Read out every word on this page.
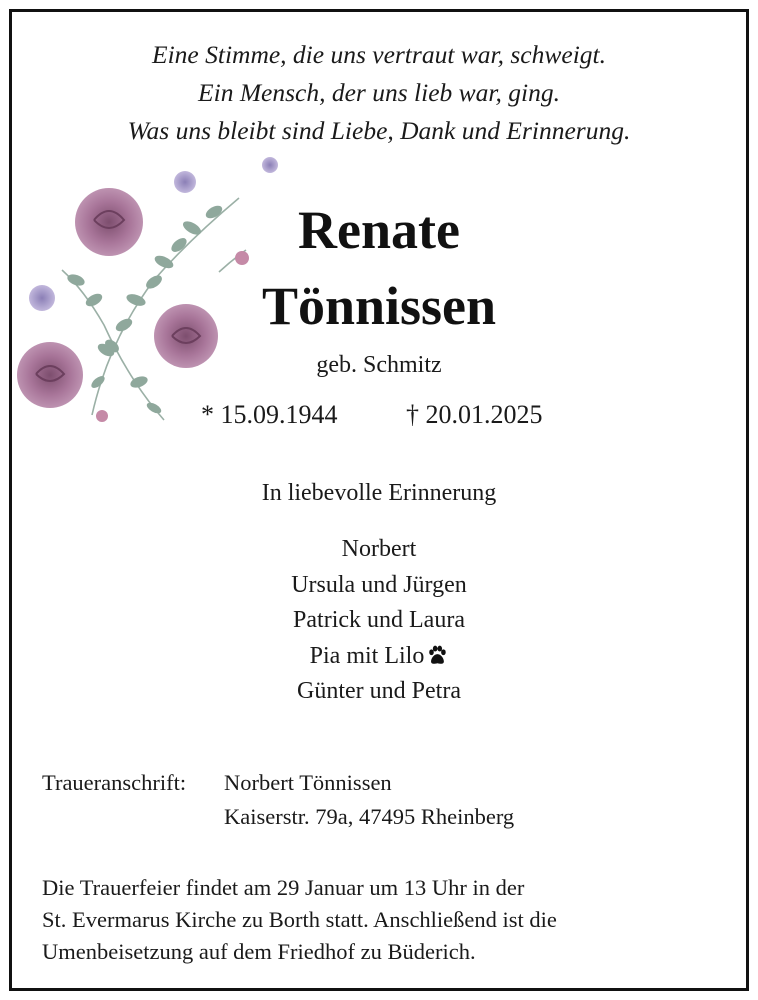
Eine Stimme, die uns vertraut war, schweigt.
Ein Mensch, der uns lieb war, ging.
Was uns bleibt sind Liebe, Dank und Erinnerung.
Renate
Tönnissen
geb. Schmitz
* 15.09.1944	† 20.01.2025
In liebevolle Erinnerung
Norbert
Ursula und Jürgen
Patrick und Laura
Pia mit Lilo
Günter und Petra
Traueranschrift: Norbert Tönnissen
Kaiserstr. 79a, 47495 Rheinberg
Die Trauerfeier findet am 29 Januar um 13 Uhr in der
St. Evermarus Kirche zu Borth statt. Anschließend ist die
Umenbeisetzung auf dem Friedhof zu Büderich.
